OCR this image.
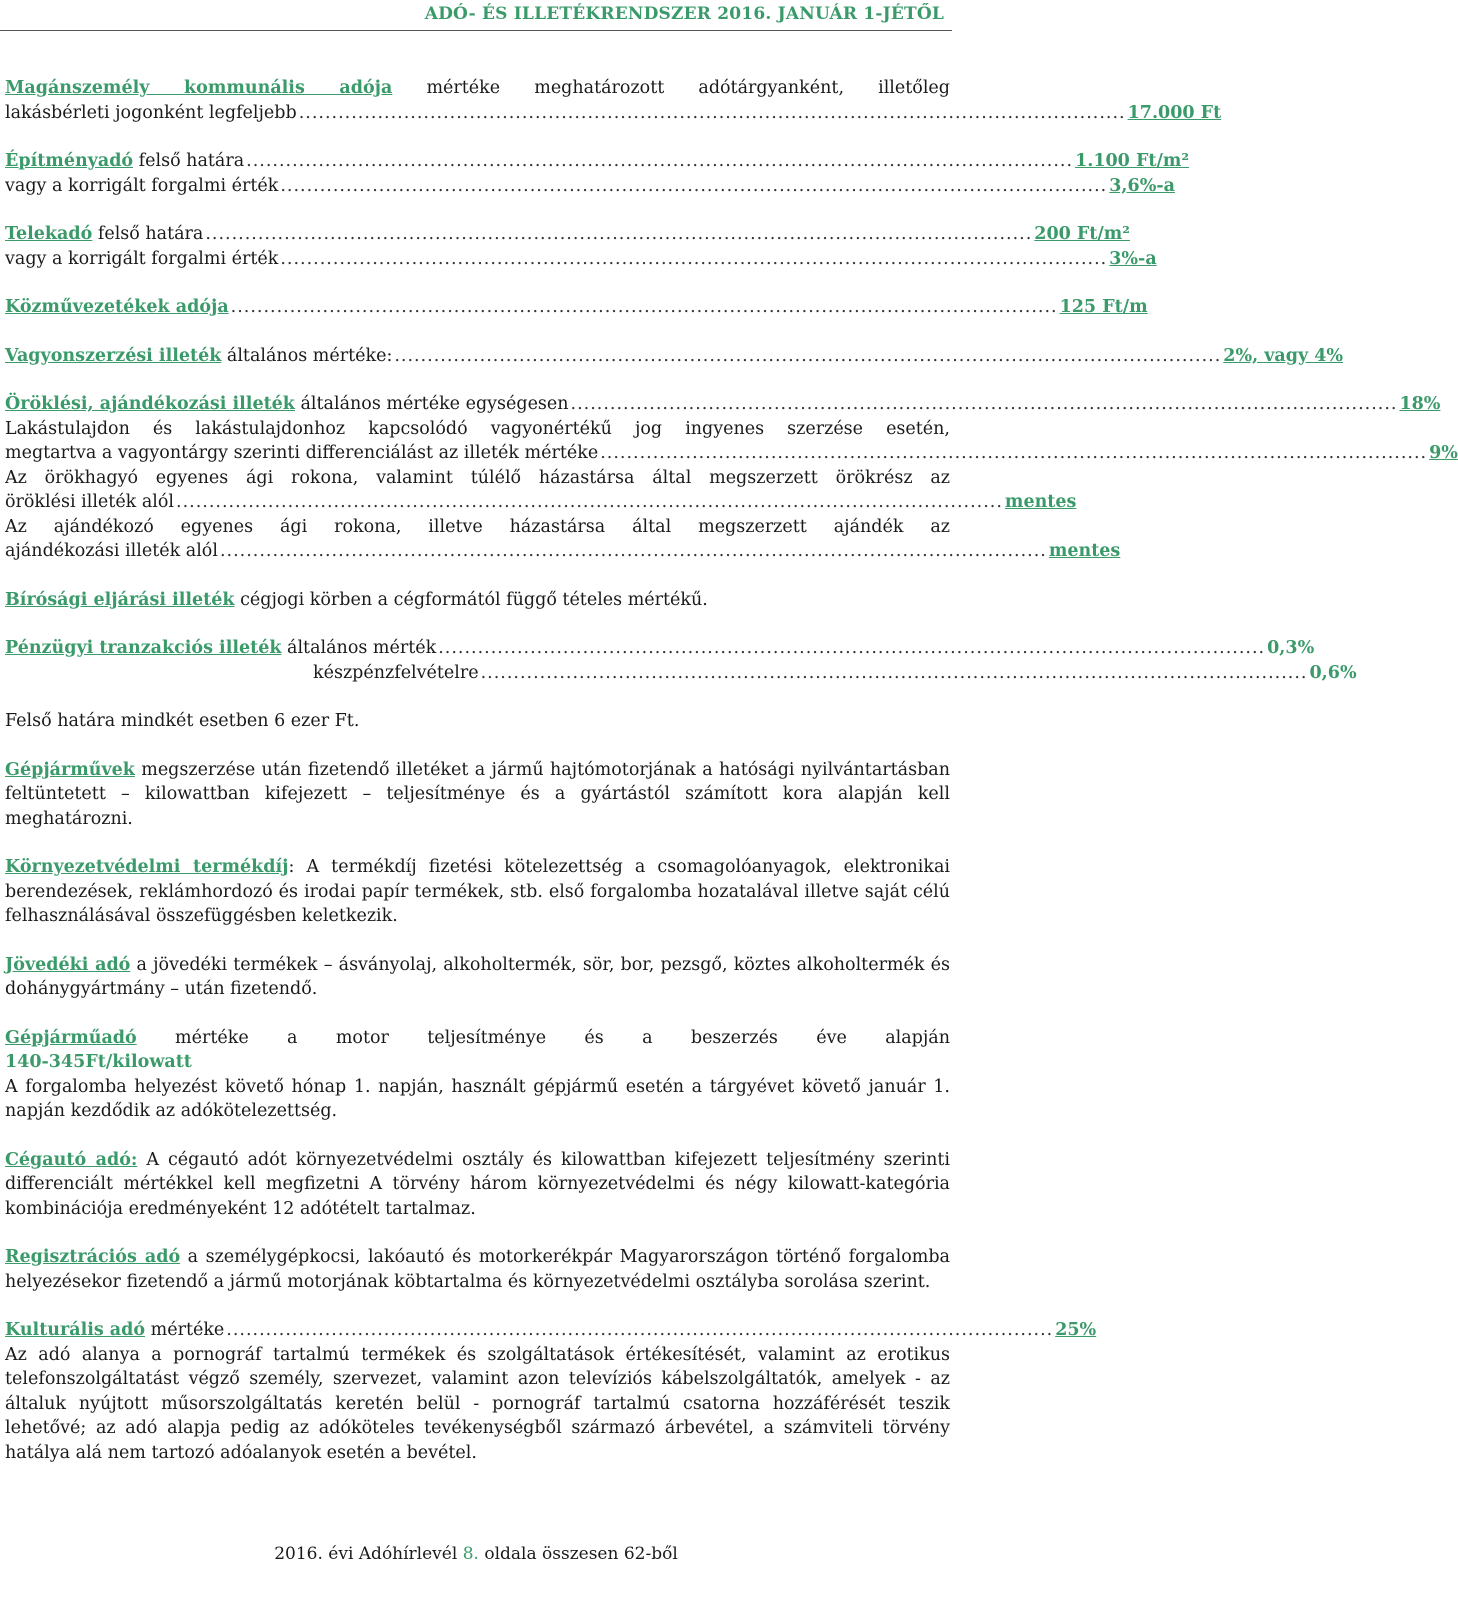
ADÓ- ÉS ILLETÉKRENDSZER 2016. JANUÁR 1-JÉTŐL
Magánszemély kommunális adója mértéke meghatározott adótárgyanként, illetőleg
lakásbérleti jogonként legfeljebb .............................................................................................................................. 17.000 Ft
Építményadó felső határa .............................................................................................................................. 1.100 Ft/m²
vagy a korrigált forgalmi érték .............................................................................................................................. 3,6%-a
Telekadó felső határa .............................................................................................................................. 200 Ft/m²
vagy a korrigált forgalmi érték .............................................................................................................................. 3%-a
Közművezetékek adója .............................................................................................................................. 125 Ft/m
Vagyonszerzési illeték általános mértéke: .............................................................................................................................. 2%, vagy 4%
Öröklési, ajándékozási illeték általános mértéke egységesen .............................................................................................................................. 18%
Lakástulajdon és lakástulajdonhoz kapcsolódó vagyonértékű jog ingyenes szerzése esetén,
megtartva a vagyontárgy szerinti differenciálást az illeték mértéke .............................................................................................................................. 9%
Az örökhagyó egyenes ági rokona, valamint túlélő házastársa által megszerzett örökrész az
öröklési illeték alól .............................................................................................................................. mentes
Az ajándékozó egyenes ági rokona, illetve házastársa által megszerzett ajándék az
ajándékozási illeték alól .............................................................................................................................. mentes
Bírósági eljárási illeték cégjogi körben a cégformától függő tételes mértékű.
Pénzügyi tranzakciós illeték általános mérték .............................................................................................................................. 0,3%
készpénzfelvételre .............................................................................................................................. 0,6%
Felső határa mindkét esetben 6 ezer Ft.
Gépjárművek megszerzése után fizetendő illetéket a jármű hajtómotorjának a hatósági nyilvántartásban feltüntetett – kilowattban kifejezett – teljesítménye és a gyártástól számított kora alapján kell meghatározni.
Környezetvédelmi termékdíj: A termékdíj fizetési kötelezettség a csomagolóanyagok, elektronikai berendezések, reklámhordozó és irodai papír termékek, stb. első forgalomba hozatalával illetve saját célú felhasználásával összefüggésben keletkezik.
Jövedéki adó a jövedéki termékek – ásványolaj, alkoholtermék, sör, bor, pezsgő, köztes alkoholtermék és dohánygyártmány – után fizetendő.
Gépjárműadó mértéke a motor teljesítménye és a beszerzés éve alapján
140-345Ft/kilowatt
A forgalomba helyezést követő hónap 1. napján, használt gépjármű esetén a tárgyévet követő január 1. napján kezdődik az adókötelezettség.
Cégautó adó: A cégautó adót környezetvédelmi osztály és kilowattban kifejezett teljesítmény szerinti differenciált mértékkel kell megfizetni A törvény három környezetvédelmi és négy kilowatt-kategória kombinációja eredményeként 12 adótételt tartalmaz.
Regisztrációs adó a személygépkocsi, lakóautó és motorkerékpár Magyarországon történő forgalomba helyezésekor fizetendő a jármű motorjának köbtartalma és környezetvédelmi osztályba sorolása szerint.
Kulturális adó mértéke .............................................................................................................................. 25%
Az adó alanya a pornográf tartalmú termékek és szolgáltatások értékesítését, valamint az erotikus telefonszolgáltatást végző személy, szervezet, valamint azon televíziós kábelszolgáltatók, amelyek - az általuk nyújtott műsorszolgáltatás keretén belül - pornográf tartalmú csatorna hozzáférését teszik lehetővé; az adó alapja pedig az adóköteles tevékenységből származó árbevétel, a számviteli törvény hatálya alá nem tartozó adóalanyok esetén a bevétel.
2016. évi Adóhírlevél 8. oldala összesen 62-ből
